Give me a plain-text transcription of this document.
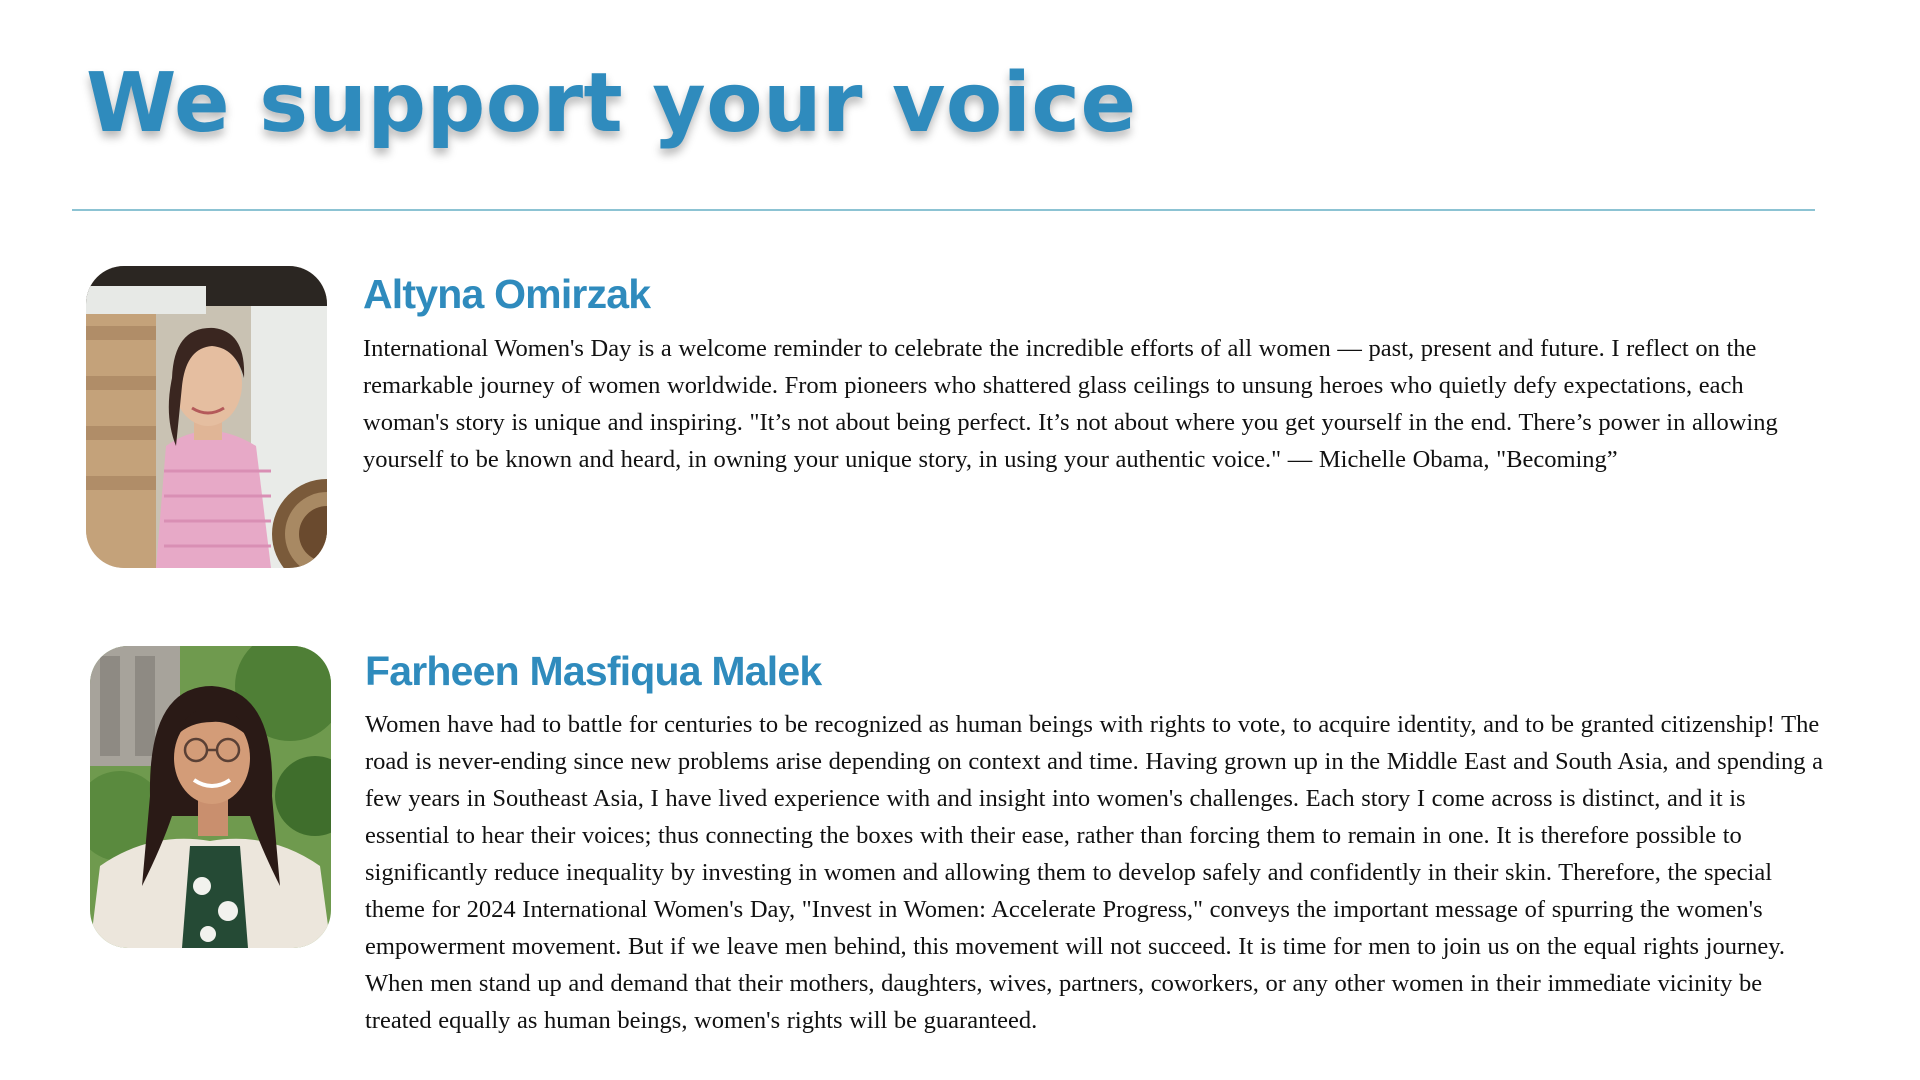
We support your voice
Altyna Omirzak

International Women's Day is a welcome reminder to celebrate the incredible efforts of all women — past, present and future. I reflect on the remarkable journey of women worldwide. From pioneers who shattered glass ceilings to unsung heroes who quietly defy expectations, each woman's story is unique and inspiring. "It’s not about being perfect. It’s not about where you get yourself in the end. There’s power in allowing yourself to be known and heard, in owning your unique story, in using your authentic voice." — Michelle Obama, "Becoming”

Farheen Masfiqua Malek

Women have had to battle for centuries to be recognized as human beings with rights to vote, to acquire identity, and to be granted citizenship! The road is never-ending since new problems arise depending on context and time. Having grown up in the Middle East and South Asia, and spending a few years in Southeast Asia, I have lived experience with and insight into women's challenges. Each story I come across is distinct, and it is essential to hear their voices; thus connecting the boxes with their ease, rather than forcing them to remain in one. It is therefore possible to significantly reduce inequality by investing in women and allowing them to develop safely and confidently in their skin. Therefore, the special theme for 2024 International Women's Day, "Invest in Women: Accelerate Progress," conveys the important message of spurring the women's empowerment movement. But if we leave men behind, this movement will not succeed. It is time for men to join us on the equal rights journey. When men stand up and demand that their mothers, daughters, wives, partners, coworkers, or any other women in their immediate vicinity be treated equally as human beings, women's rights will be guaranteed.
